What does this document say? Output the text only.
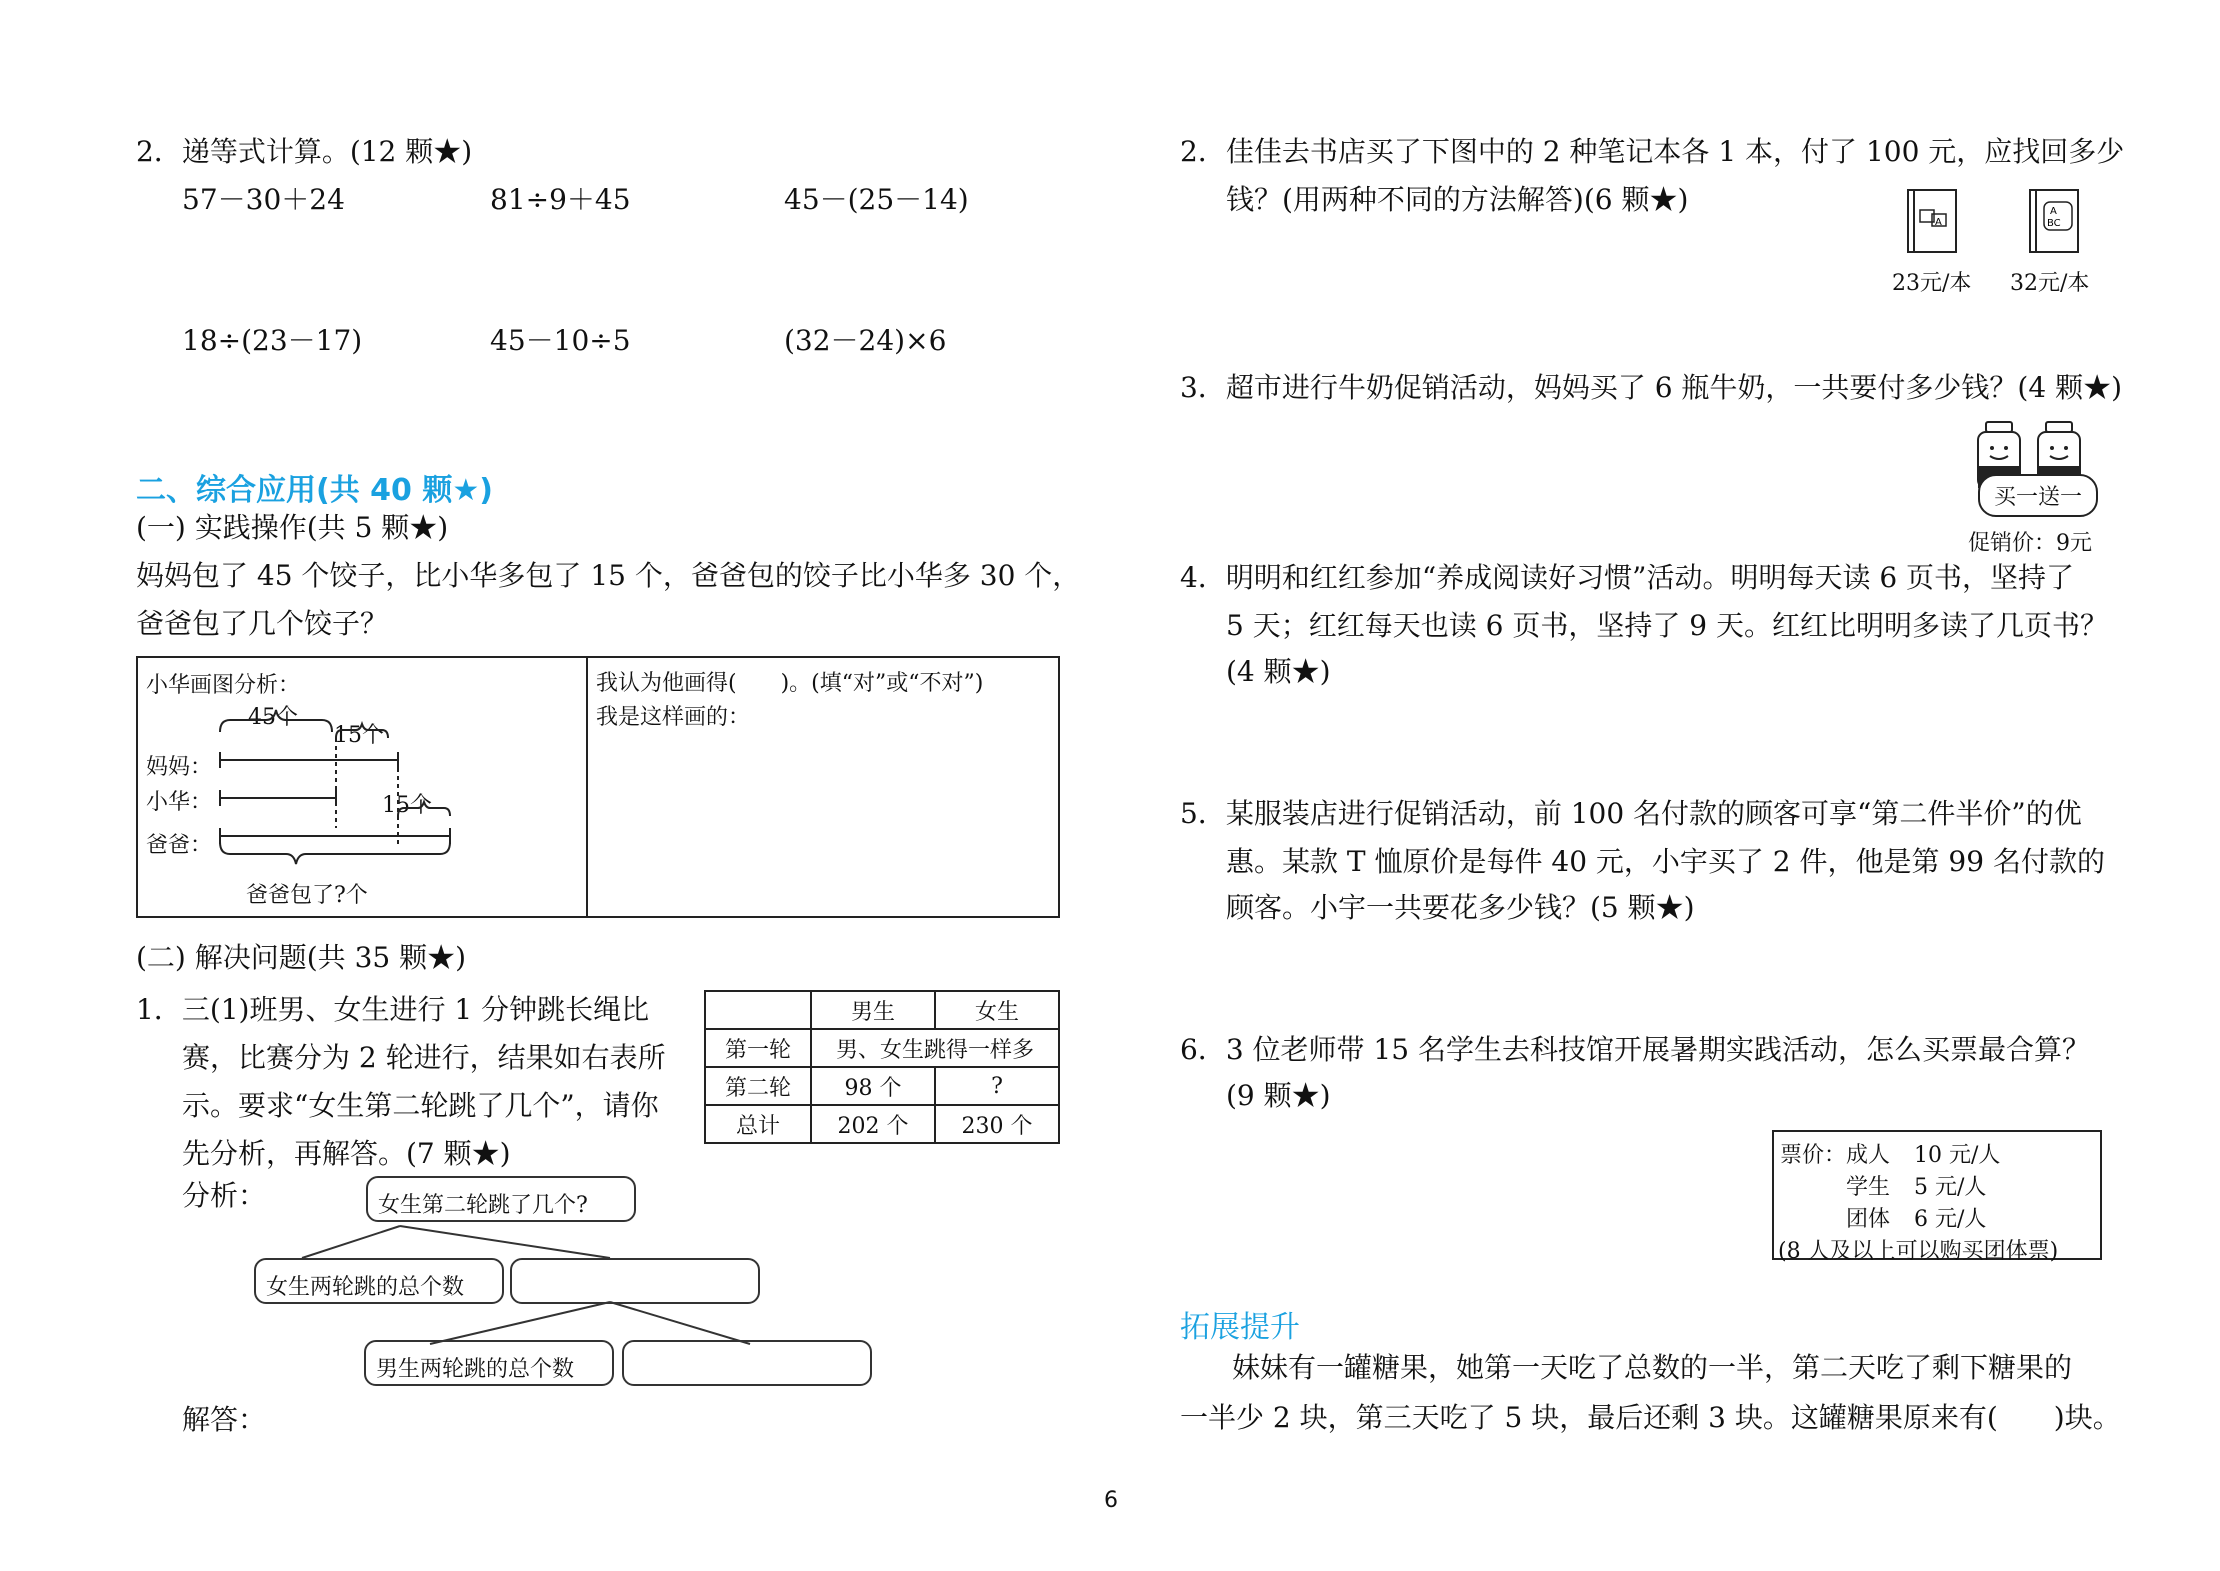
2．递等式计算。(12 颗★)
57－30＋24	81÷9＋45	45－(25－14)
18÷(23－17)	45－10÷5	(32－24)×6
二、综合应用(共 40 颗★)
(一) 实践操作(共 5 颗★)
妈妈包了 45 个饺子，比小华多包了 15 个，爸爸包的饺子比小华多 30 个，
爸爸包了几个饺子？
小华画图分析：
45个
15个
15个
妈妈：
小华：
爸爸：
爸爸包了?个
我认为他画得(　　)。(填“对”或“不对”)
我是这样画的：
(二) 解决问题(共 35 颗★)
1．三(1)班男、女生进行 1 分钟跳长绳比
赛，比赛分为 2 轮进行，结果如右表所
示。要求“女生第二轮跳了几个”，请你
先分析，再解答。(7 颗★)
	男生	女生
第一轮	男、女生跳得一样多	
第二轮	98 个	?
总计	202 个	230 个
分析：	女生第二轮跳了几个?
女生两轮跳的总个数
男生两轮跳的总个数
解答：
2．佳佳去书店买了下图中的 2 种笔记本各 1 本，付了 100 元，应找回多少
钱？(用两种不同的方法解答)(6 颗★)
A
A
BC
23元/本 32元/本
3．超市进行牛奶促销活动，妈妈买了 6 瓶牛奶，一共要付多少钱？(4 颗★)
买一送一
促销价：9元
4．明明和红红参加“养成阅读好习惯”活动。明明每天读 6 页书，坚持了
5 天；红红每天也读 6 页书，坚持了 9 天。红红比明明多读了几页书？
(4 颗★)
5．某服装店进行促销活动，前 100 名付款的顾客可享“第二件半价”的优
惠。某款 T 恤原价是每件 40 元，小宇买了 2 件，他是第 99 名付款的
顾客。小宇一共要花多少钱？(5 颗★)
6．3 位老师带 15 名学生去科技馆开展暑期实践活动，怎么买票最合算？
(9 颗★)
票价： 成人 10 元/人
学生 5 元/人
团体 6 元/人
(8 人及以上可以购买团体票)
拓展提升
妹妹有一罐糖果，她第一天吃了总数的一半，第二天吃了剩下糖果的
一半少 2 块，第三天吃了 5 块，最后还剩 3 块。这罐糖果原来有(　　)块。
6
